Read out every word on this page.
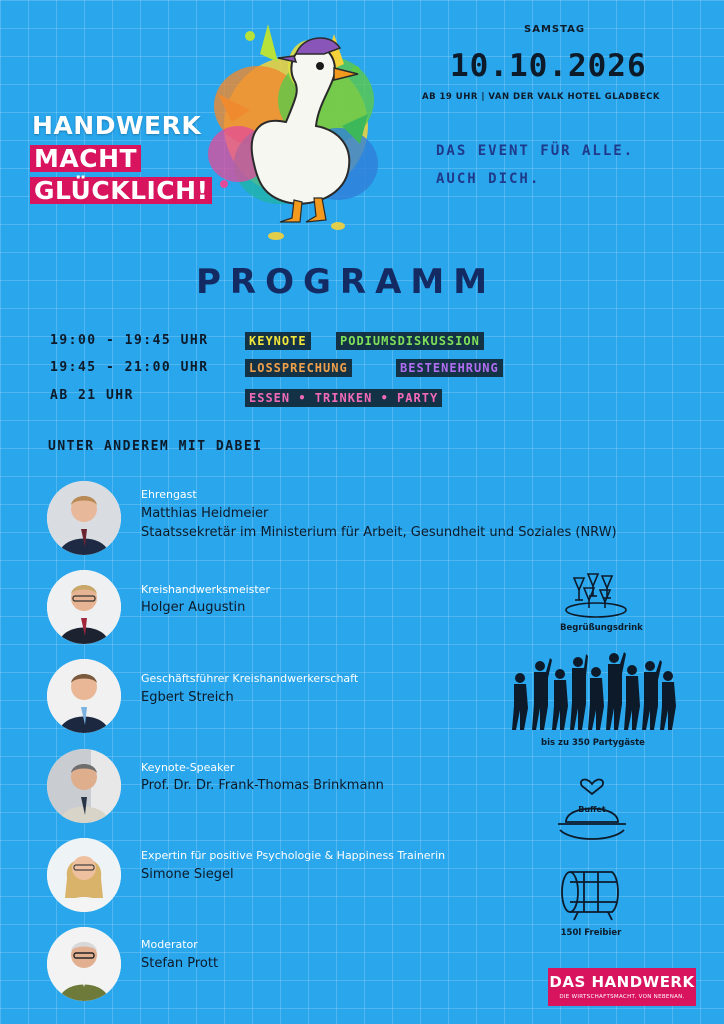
HANDWERK
MACHT
GLÜCKLICH!
SAMSTAG
10.10.2026
AB 19 UHR | VAN DER VALK HOTEL GLADBECK
DAS EVENT FÜR ALLE.
AUCH DICH.
PROGRAMM
19:00 - 19:45 UHR	KEYNOTE	PODIUMSDISKUSSION
19:45 - 21:00 UHR	LOSSPRECHUNG	BESTENEHRUNG
AB 21 UHR	ESSEN • TRINKEN • PARTY
UNTER ANDEREM MIT DABEI
Ehrengast
Matthias Heidmeier
Staatssekretär im Ministerium für Arbeit, Gesundheit und Soziales (NRW)
Kreishandwerksmeister
Holger Augustin
Geschäftsführer Kreishandwerkerschaft
Egbert Streich
Keynote-Speaker
Prof. Dr. Dr. Frank-Thomas Brinkmann
Expertin für positive Psychologie & Happiness Trainerin
Simone Siegel
Moderator
Stefan Prott
Begrüßungsdrink
bis zu 350 Partygäste
Buffet
150l Freibier
DAS HANDWERK
DIE WIRTSCHAFTSMACHT. VON NEBENAN.
